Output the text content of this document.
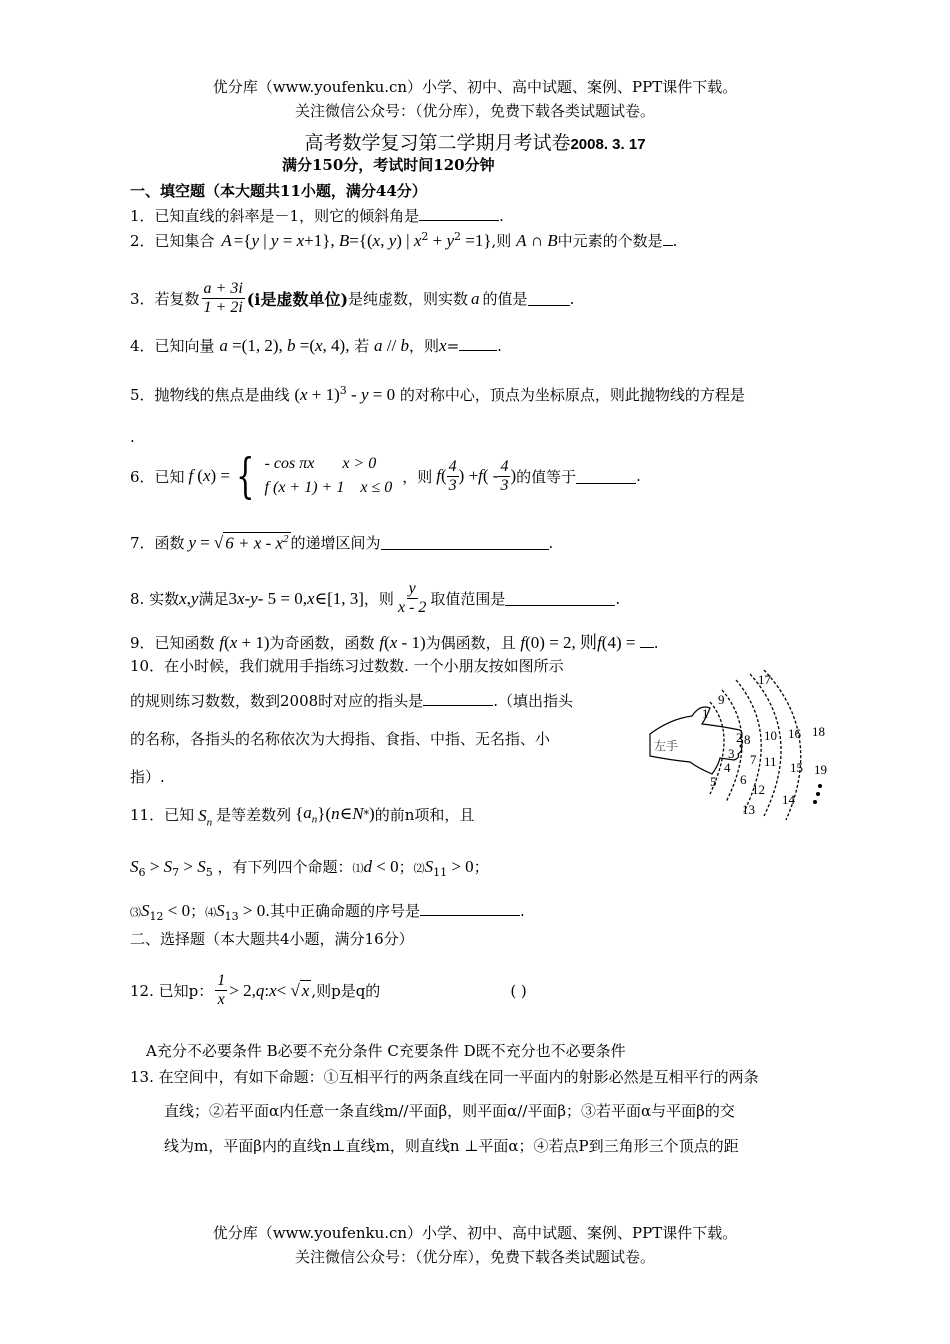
优分库（www.youfenku.cn）小学、初中、高中试题、案例、PPT课件下载。
关注微信公众号：（优分库），免费下载各类试题试卷。
高考数学复习第二学期月考试卷2008. 3. 17
满分150分，考试时间120分钟
一、填空题（本大题共11小题，满分44分）
1．已知直线的斜率是－1，则它的倾斜角是	.
2．已知集合 A ={y | y = x+1}, B={(x, y) | $x^2 + y^2 =1$},则 A ∩ B中元素的个数是 .
3．若复数 $\frac{a + 3i}{1 + 2i} (i$是虚数单位) 是纯虚数，则实数 a 的值是	.
4．已知向量 a =(1, 2), b =(x, 4), 若 a // b，则x=	.
5．抛物线的焦点是曲线 $(x + 1)^3 - y = 0$ 的对称中心，顶点为坐标原点，则此抛物线的方程是
.
6．已知 f ( x ) = { - cos πx       x > 0
f (x + 1) + 1    x ≤ 0
，则 f ( $\frac{4}{3}$ ) + f ( - $\frac{4}{3}$ ) 的值等于	.
7．函数 y = √ $6 + x - x^2$ 的递增区间为	.
8. 实数 x , y 满足 3 x - y - 5 = 0, x ∈[1, 3] ，则 $\frac{y}{x - 2}$ 取值范围是	.
9．已知函数 f(x + 1)为奇函数，函数 f(x - 1)为偶函数，且 f(0) = 2, 则f(4) = .
10．在小时候，我们就用手指练习过数数. 一个小朋友按如图所示
的规则练习数数，数到2008时对应的指头是	.（填出指头
的名称，各指头的名称依次为大拇指、食指、中指、无名指、小
指）.
左手
1
2
3
4
5 6
7
8
9
10
11
12
13
14
15
16
17
18
19
11．已知 $S_n$ 是等差数列 { $a_n$ }( n ∈ N * ) 的前n项和，且
$S_6 > S_7 > S_5$ ，有下列四个命题：⑴d < 0；$⑵S_{11} > 0$；
$⑶S_{12} < 0$；$⑷S_{13} > 0$.其中正确命题的序号是	.
二、选择题（本大题共4小题，满分16分）
12. 已知p： $\frac{1}{x} > 2$, q : x < √ x ,则p是q的	( )
A充分不必要条件 B必要不充分条件 C充要条件 D既不充分也不必要条件
13. 在空间中，有如下命题：①互相平行的两条直线在同一平面内的射影必然是互相平行的两条
直线；②若平面α内任意一条直线m//平面β，则平面α//平面β；③若平面α与平面β的交
线为m，平面β内的直线n⊥直线m，则直线n ⊥平面α；④若点P到三角形三个顶点的距
优分库（www.youfenku.cn）小学、初中、高中试题、案例、PPT课件下载。
关注微信公众号：（优分库），免费下载各类试题试卷。
